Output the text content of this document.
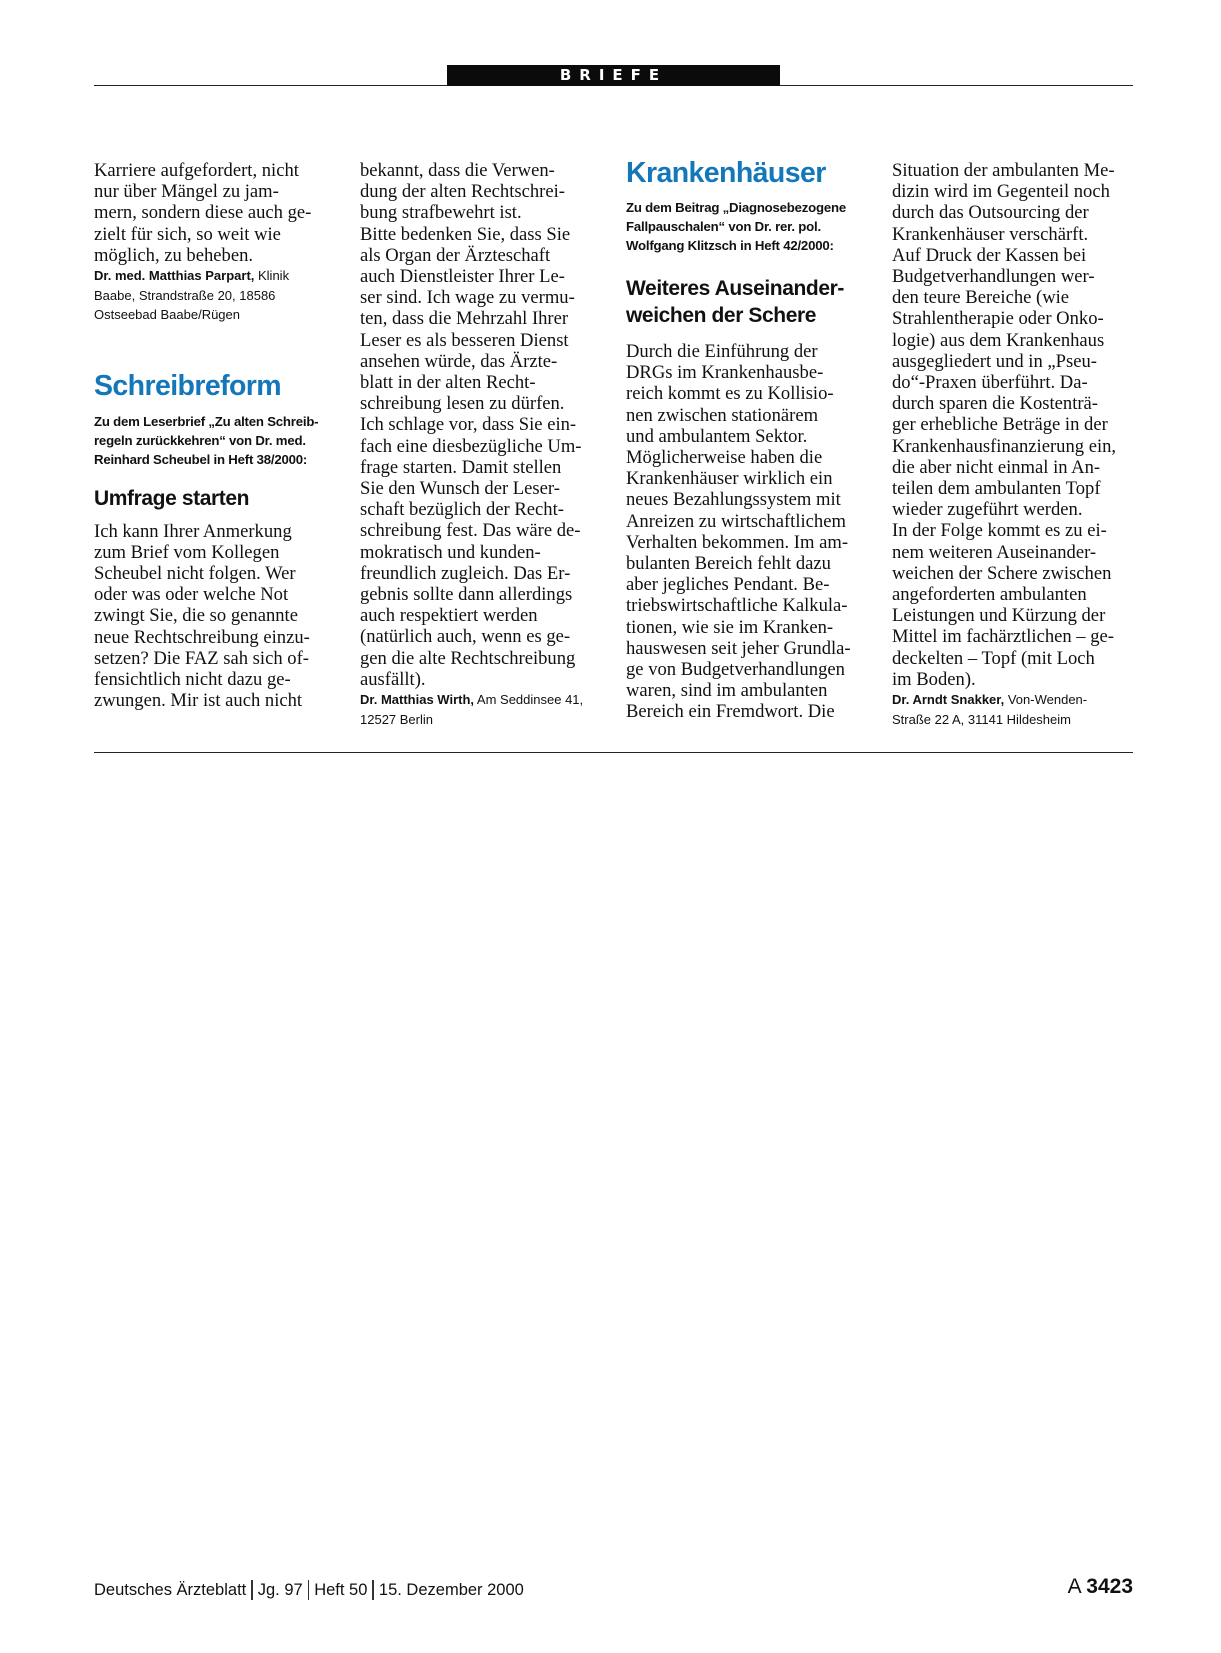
BRIEFE

Karriere aufgefordert, nicht
nur über Mängel zu jam-
mern, sondern diese auch ge-
zielt für sich, so weit wie
möglich, zu beheben.

Dr. med. Matthias Parpart, Klinik
Baabe, Strandstraße 20, 18586
Ostseebad Baabe/Rügen

Schreibreform

Zu dem Leserbrief „Zu alten Schreib-
regeln zurückkehren“ von Dr. med.
Reinhard Scheubel in Heft 38/2000:

Umfrage starten

Ich kann Ihrer Anmerkung
zum Brief vom Kollegen
Scheubel nicht folgen. Wer
oder was oder welche Not
zwingt Sie, die so genannte
neue Rechtschreibung einzu-
setzen? Die FAZ sah sich of-
fensichtlich nicht dazu ge-
zwungen. Mir ist auch nicht

bekannt, dass die Verwen-
dung der alten Rechtschrei-
bung strafbewehrt ist.
Bitte bedenken Sie, dass Sie
als Organ der Ärzteschaft
auch Dienstleister Ihrer Le-
ser sind. Ich wage zu vermu-
ten, dass die Mehrzahl Ihrer
Leser es als besseren Dienst
ansehen würde, das Ärzte-
blatt in der alten Recht-
schreibung lesen zu dürfen.
Ich schlage vor, dass Sie ein-
fach eine diesbezügliche Um-
frage starten. Damit stellen
Sie den Wunsch der Leser-
schaft bezüglich der Recht-
schreibung fest. Das wäre de-
mokratisch und kunden-
freundlich zugleich. Das Er-
gebnis sollte dann allerdings
auch respektiert werden
(natürlich auch, wenn es ge-
gen die alte Rechtschreibung
ausfällt).

Dr. Matthias Wirth, Am Seddinsee 41,
12527 Berlin

Krankenhäuser

Zu dem Beitrag „Diagnosebezogene
Fallpauschalen“ von Dr. rer. pol.
Wolfgang Klitzsch in Heft 42/2000:

Weiteres Auseinander-
weichen der Schere

Durch die Einführung der
DRGs im Krankenhausbe-
reich kommt es zu Kollisio-
nen zwischen stationärem
und ambulantem Sektor.
Möglicherweise haben die
Krankenhäuser wirklich ein
neues Bezahlungssystem mit
Anreizen zu wirtschaftlichem
Verhalten bekommen. Im am-
bulanten Bereich fehlt dazu
aber jegliches Pendant. Be-
triebswirtschaftliche Kalkula-
tionen, wie sie im Kranken-
hauswesen seit jeher Grundla-
ge von Budgetverhandlungen
waren, sind im ambulanten
Bereich ein Fremdwort. Die

Situation der ambulanten Me-
dizin wird im Gegenteil noch
durch das Outsourcing der
Krankenhäuser verschärft.
Auf Druck der Kassen bei
Budgetverhandlungen wer-
den teure Bereiche (wie
Strahlentherapie oder Onko-
logie) aus dem Krankenhaus
ausgegliedert und in „Pseu-
do“-Praxen überführt. Da-
durch sparen die Kostenträ-
ger erhebliche Beträge in der
Krankenhausfinanzierung ein,
die aber nicht einmal in An-
teilen dem ambulanten Topf
wieder zugeführt werden.
In der Folge kommt es zu ei-
nem weiteren Auseinander-
weichen der Schere zwischen
angeforderten ambulanten
Leistungen und Kürzung der
Mittel im fachärztlichen – ge-
deckelten – Topf (mit Loch
im Boden).

Dr. Arndt Snakker, Von-Wenden-
Straße 22 A, 31141 Hildesheim

Deutsches Ärzteblatt Jg. 97 Heft 50 15. Dezember 2000	A 3423
